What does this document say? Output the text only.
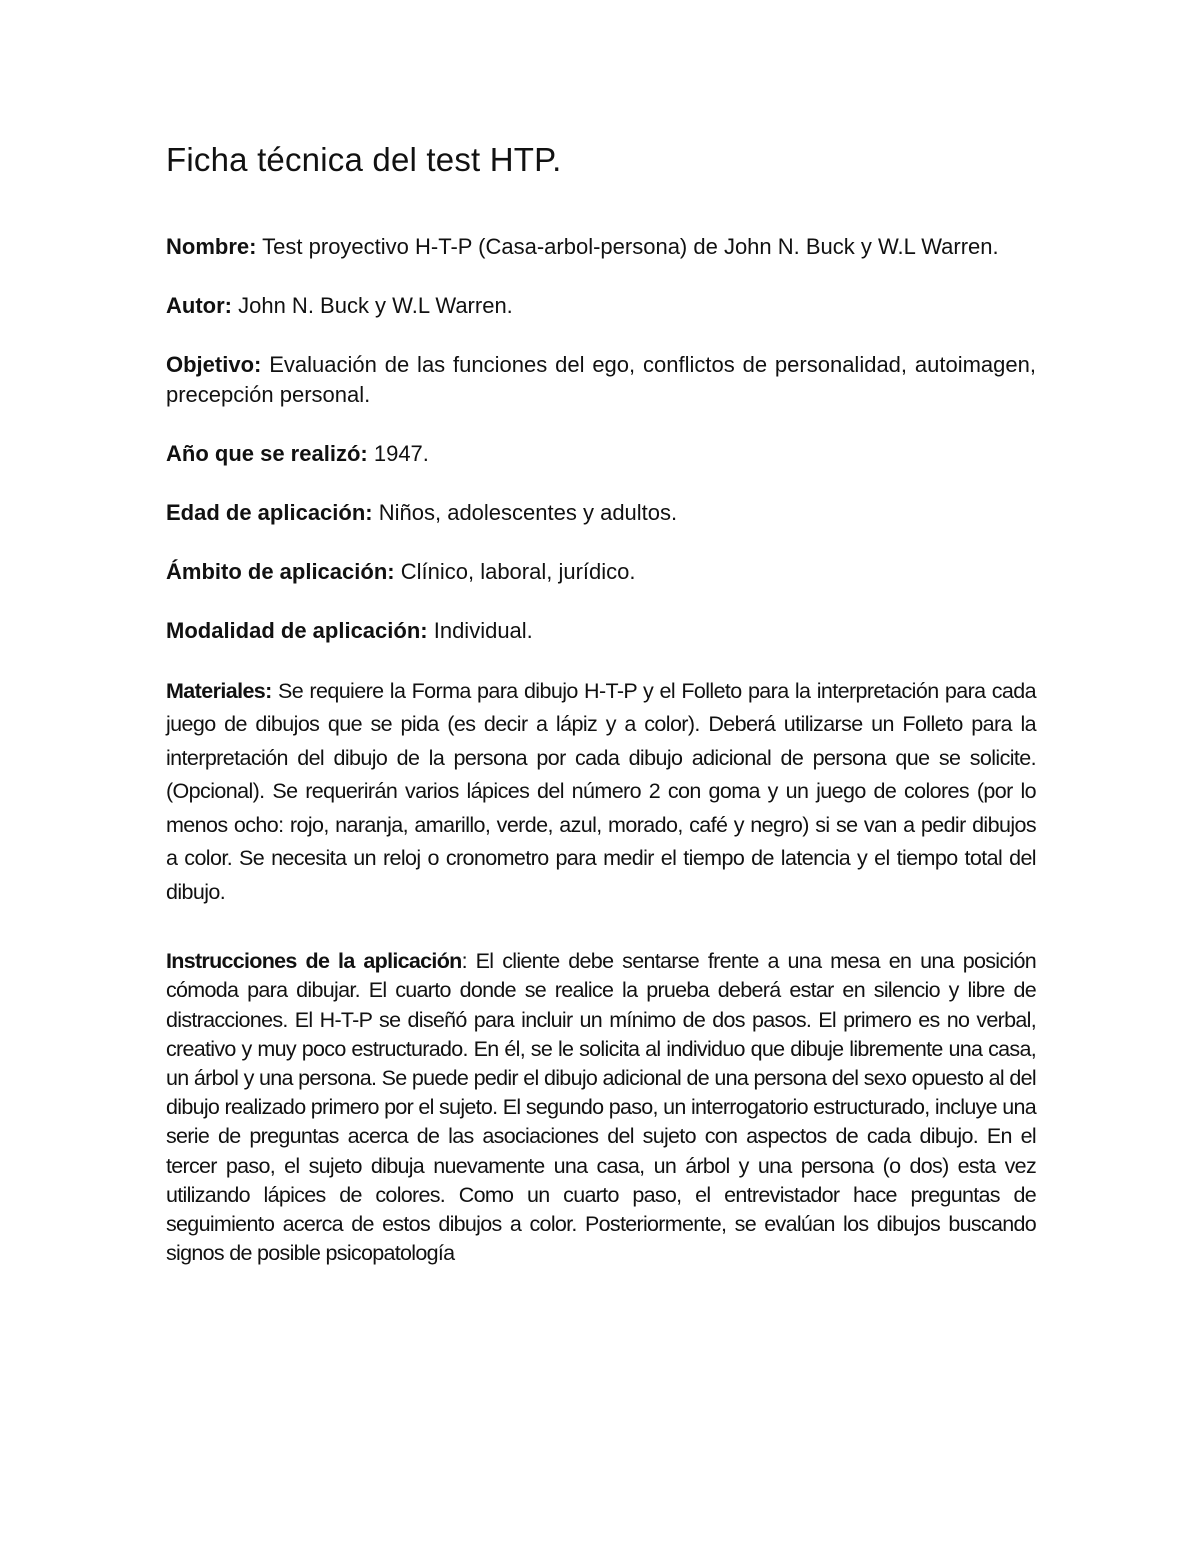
Ficha técnica del test HTP.

Nombre: Test proyectivo H-T-P (Casa-arbol-persona) de John N. Buck y W.L Warren.

Autor: John N. Buck y W.L Warren.

Objetivo: Evaluación de las funciones del ego, conflictos de personalidad, autoimagen, precepción personal.

Año que se realizó: 1947.

Edad de aplicación: Niños, adolescentes y adultos.

Ámbito de aplicación: Clínico, laboral, jurídico.

Modalidad de aplicación: Individual.

Materiales: Se requiere la Forma para dibujo H-T-P y el Folleto para la interpretación para cada juego de dibujos que se pida (es decir a lápiz y a color). Deberá utilizarse un Folleto para la interpretación del dibujo de la persona por cada dibujo adicional de persona que se solicite. (Opcional). Se requerirán varios lápices del número 2 con goma y un juego de colores (por lo menos ocho: rojo, naranja, amarillo, verde, azul, morado, café y negro) si se van a pedir dibujos a color. Se necesita un reloj o cronometro para medir el tiempo de latencia y el tiempo total del dibujo.

Instrucciones de la aplicación: El cliente debe sentarse frente a una mesa en una posición cómoda para dibujar. El cuarto donde se realice la prueba deberá estar en silencio y libre de distracciones. El H-T-P se diseñó para incluir un mínimo de dos pasos. El primero es no verbal, creativo y muy poco estructurado. En él, se le solicita al individuo que dibuje libremente una casa, un árbol y una persona. Se puede pedir el dibujo adicional de una persona del sexo opuesto al del dibujo realizado primero por el sujeto. El segundo paso, un interrogatorio estructurado, incluye una serie de preguntas acerca de las asociaciones del sujeto con aspectos de cada dibujo. En el tercer paso, el sujeto dibuja nuevamente una casa, un árbol y una persona (o dos) esta vez utilizando lápices de colores. Como un cuarto paso, el entrevistador hace preguntas de seguimiento acerca de estos dibujos a color. Posteriormente, se evalúan los dibujos buscando signos de posible psicopatología
